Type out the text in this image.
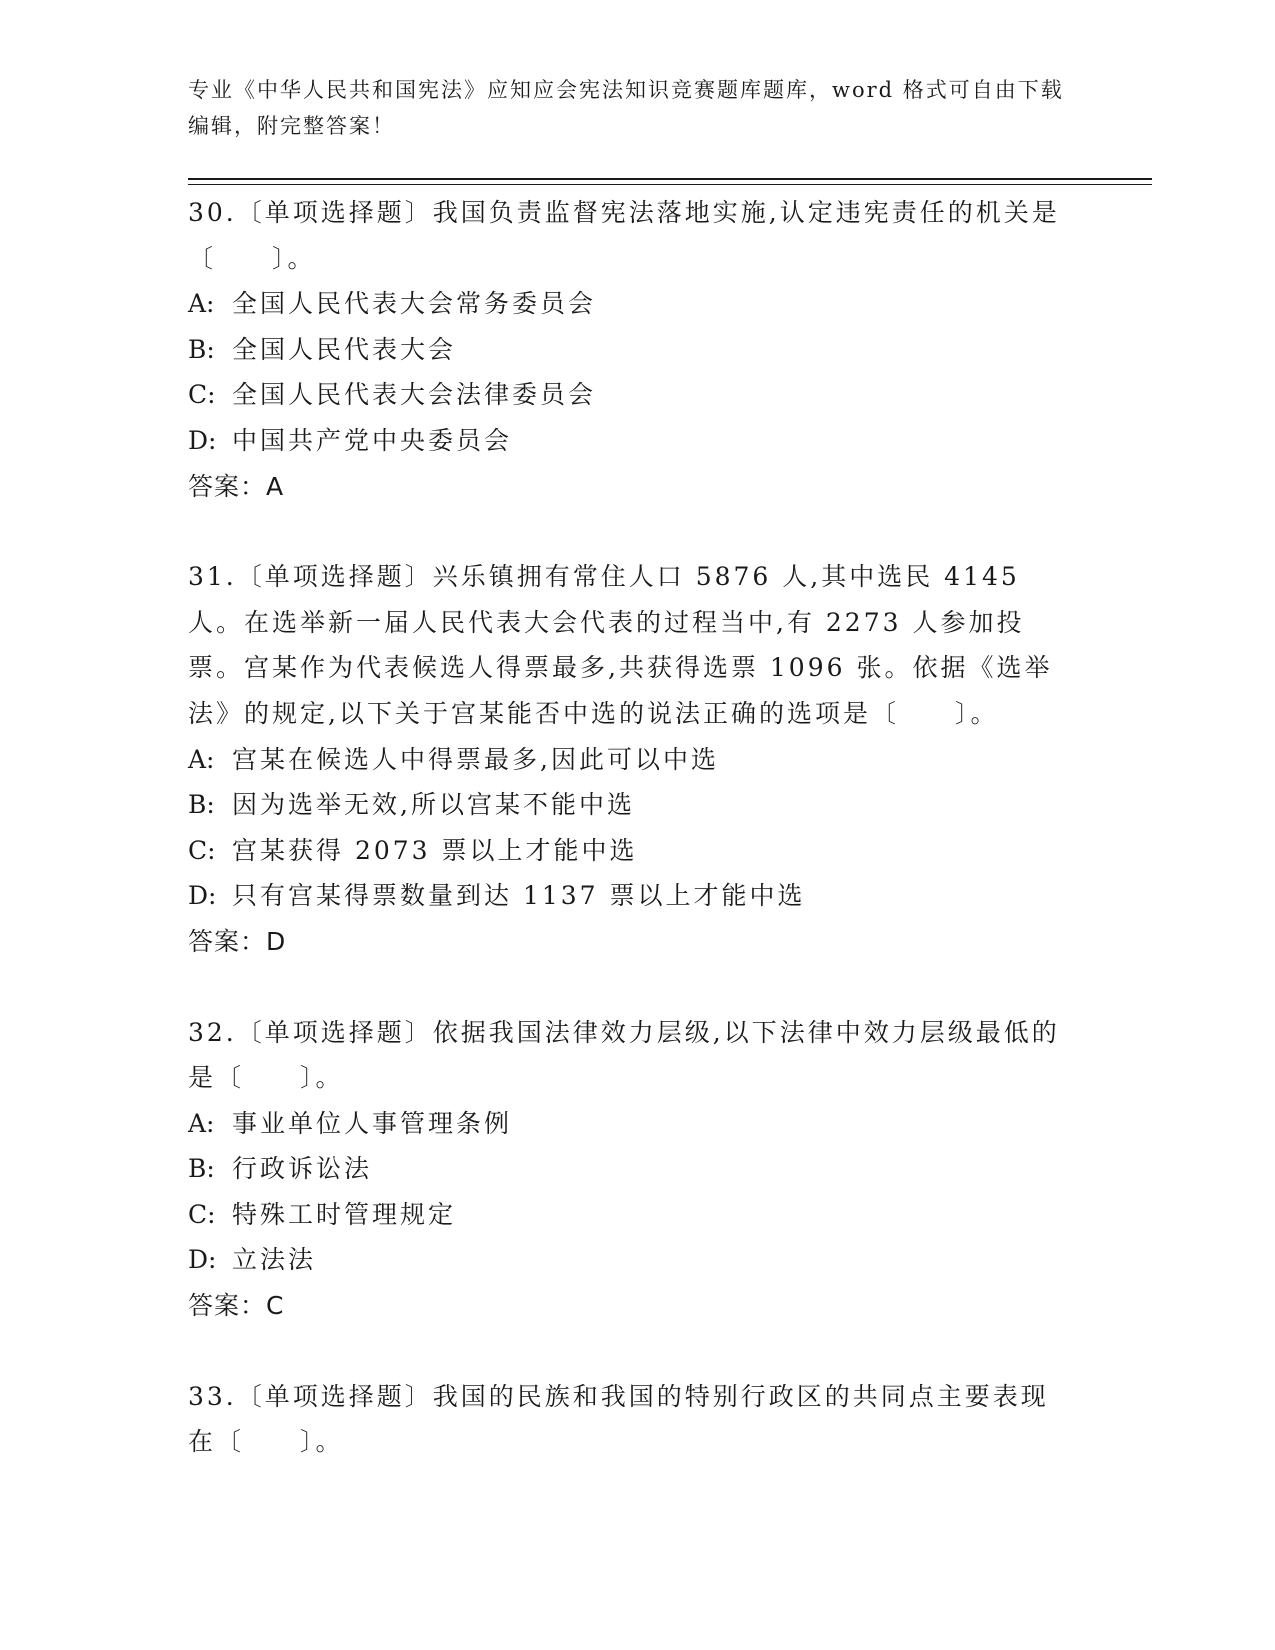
专业《中华人民共和国宪法》应知应会宪法知识竞赛题库题库，word 格式可自由下载编辑，附完整答案！
30.〔单项选择题〕我国负责监督宪法落地实施,认定违宪责任的机关是〔　　〕。
A: 全国人民代表大会常务委员会
B: 全国人民代表大会
C: 全国人民代表大会法律委员会
D: 中国共产党中央委员会
答案：A
31.〔单项选择题〕兴乐镇拥有常住人口 5876 人,其中选民 4145 人。在选举新一届人民代表大会代表的过程当中,有 2273 人参加投票。宫某作为代表候选人得票最多,共获得选票 1096 张。依据《选举法》的规定,以下关于宫某能否中选的说法正确的选项是〔　　〕。
A: 宫某在候选人中得票最多,因此可以中选
B: 因为选举无效,所以宫某不能中选
C: 宫某获得 2073 票以上才能中选
D: 只有宫某得票数量到达 1137 票以上才能中选
答案：D
32.〔单项选择题〕依据我国法律效力层级,以下法律中效力层级最低的是〔　　〕。
A: 事业单位人事管理条例
B: 行政诉讼法
C: 特殊工时管理规定
D: 立法法
答案：C
33.〔单项选择题〕我国的民族和我国的特别行政区的共同点主要表现在〔　　〕。
